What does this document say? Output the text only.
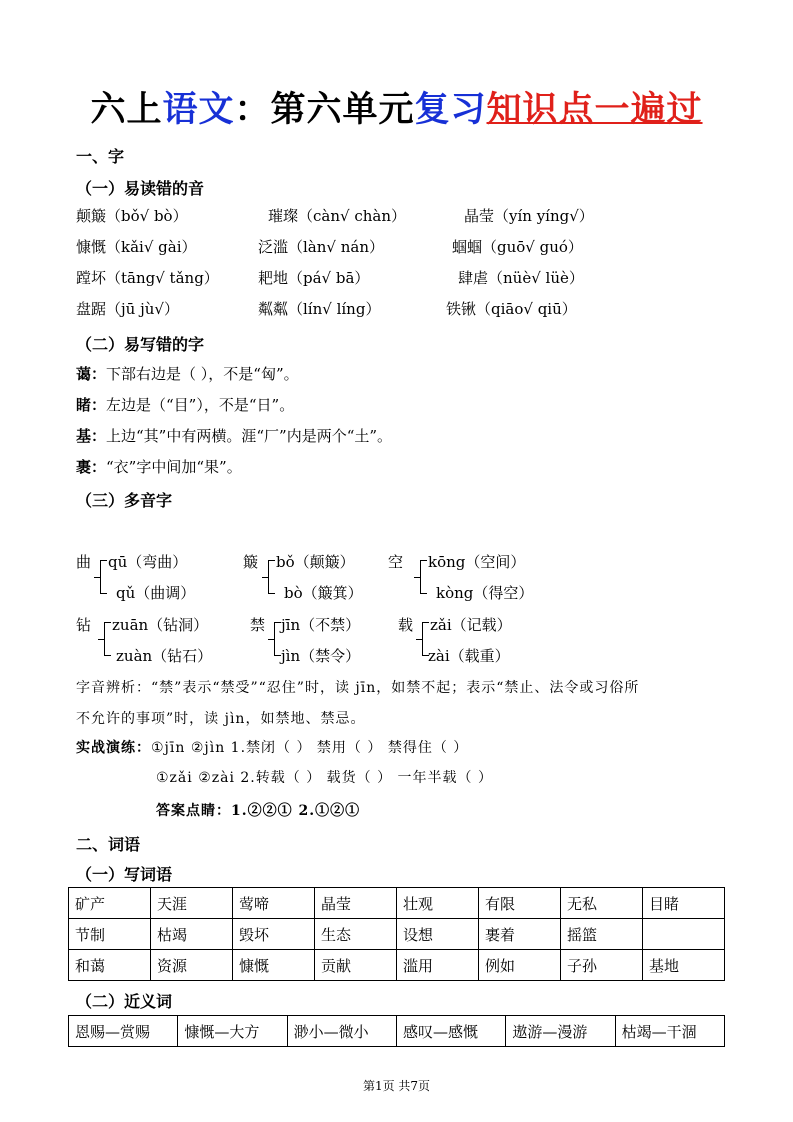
六上语文：第六单元复习知识点一遍过
一、字
（一）易读错的音
颠簸（bǒ√ bò）	璀璨（càn√ chàn）	晶莹（yín yíng√）
慷慨（kǎi√ gài）	泛滥（làn√ nán）	蝈蝈（guō√ guó）
蹚坏（tāng√ tǎng）	耙地（pá√ bā）	肆虐（nüè√ lüè）
盘踞（jū jù√）	粼粼（lín√ líng）	铁锹（qiāo√ qiū）
（二）易写错的字
蔼：下部右边是（ ），不是“匈”。
睹：左边是（“目”），不是“日”。
基：上边“其”中有两横。涯“厂”内是两个“土”。
裹：“衣”字中间加“果”。
（三）多音字
曲 qū（弯曲）
qǔ（曲调）
簸 bǒ（颠簸）
bò（簸箕）
空 kōng（空间）
kòng（得空）
钻 zuān（钻洞）
zuàn（钻石）
禁 jīn（不禁）
jìn（禁令）
载 zǎi（记载）
zài（载重）
字音辨析：“禁”表示“禁受”“忍住”时，读 jīn，如禁不起；表示“禁止、法令或习俗所
不允许的事项”时，读 jìn，如禁地、禁忌。
实战演练：①jīn ②jìn 1.禁闭（ ） 禁用（ ） 禁得住（ ）
①zǎi ②zài 2.转载（ ） 载货（ ） 一年半载（ ）
答案点睛：1.②②① 2.①②①
二、词语
（一）写词语
矿产	天涯	莺啼	晶莹	壮观	有限	无私	目睹
节制	枯竭	毁坏	生态	设想	裹着	摇篮	
和蔼	资源	慷慨	贡献	滥用	例如	子孙	基地
（二）近义词
恩赐—赏赐	慷慨—大方	渺小—微小	感叹—感慨	遨游—漫游	枯竭—干涸
第1页 共7页
